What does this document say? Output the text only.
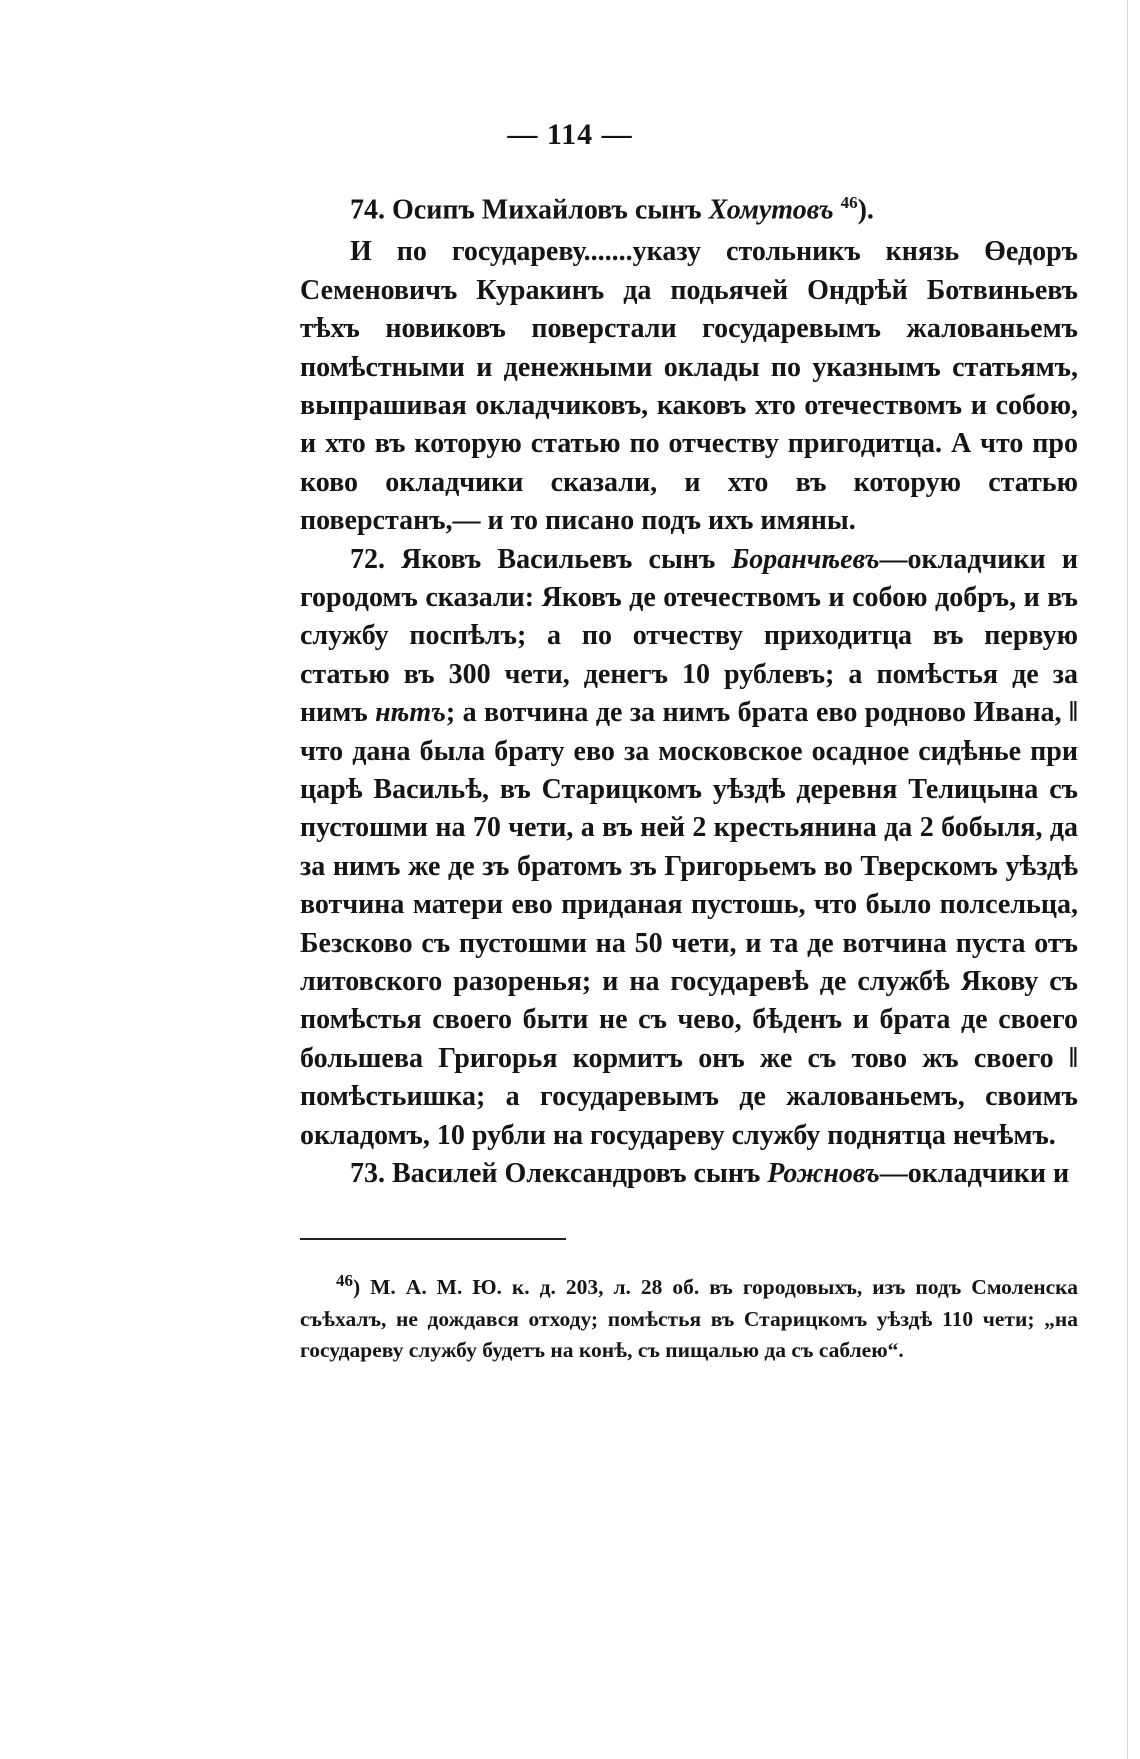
— 114 —
74. Осипъ Михайловъ сынъ Хомутовъ $^{46}$).

И по государеву.......указу стольникъ князь Өедоръ Семеновичъ Куракинъ да подьячей Ондрѣй Ботвиньевъ тѣхъ новиковъ поверстали государевымъ жалованьемъ помѣстными и денежными оклады по указнымъ статьямъ, выпрашивая окладчиковъ, каковъ хто отечествомъ и собою, и хто въ которую статью по отчеству пригодитца. А что про ково окладчики сказали, и хто въ которую статью поверстанъ,— и то писано подъ ихъ имяны.

72. Яковъ Васильевъ сынъ Боранчѣевъ—окладчики и городомъ сказали: Яковъ де отечествомъ и собою добръ, и въ службу поспѣлъ; а по отчеству приходитца въ первую статью въ 300 чети, денегъ 10 рублевъ; а помѣстья де за нимъ нѣтъ; а вотчина де за нимъ брата ево родново Ивана, ‖ что дана была брату ево за московское осадное сидѣнье при царѣ Васильѣ, въ Старицкомъ уѣздѣ деревня Телицына съ пустошми на 70 чети, а въ ней 2 крестьянина да 2 бобыля, да за нимъ же де зъ братомъ зъ Григорьемъ во Тверскомъ уѣздѣ вотчина матери ево приданая пустошь, что было полсельца, Безсково съ пустошми на 50 чети, и та де вотчина пуста отъ литовского разоренья; и на государевѣ де службѣ Якову съ помѣстья своего быти не съ чево, бѣденъ и брата де своего большева Григорья кормитъ онъ же съ тово жъ своего ‖ помѣстьишка; а государевымъ де жалованьемъ, своимъ окладомъ, 10 рубли на государеву службу поднятца нечѣмъ.

73. Василей Олександровъ сынъ Рожновъ—окладчики и

$^{46}$) М. А. М. Ю. к. д. 203, л. 28 об. въ городовыхъ, изъ подъ Смоленска съѣхалъ, не дождався отходу; помѣстья въ Старицкомъ уѣздѣ 110 чети; „на государеву службу будетъ на конѣ, съ пищалью да съ саблею“.
